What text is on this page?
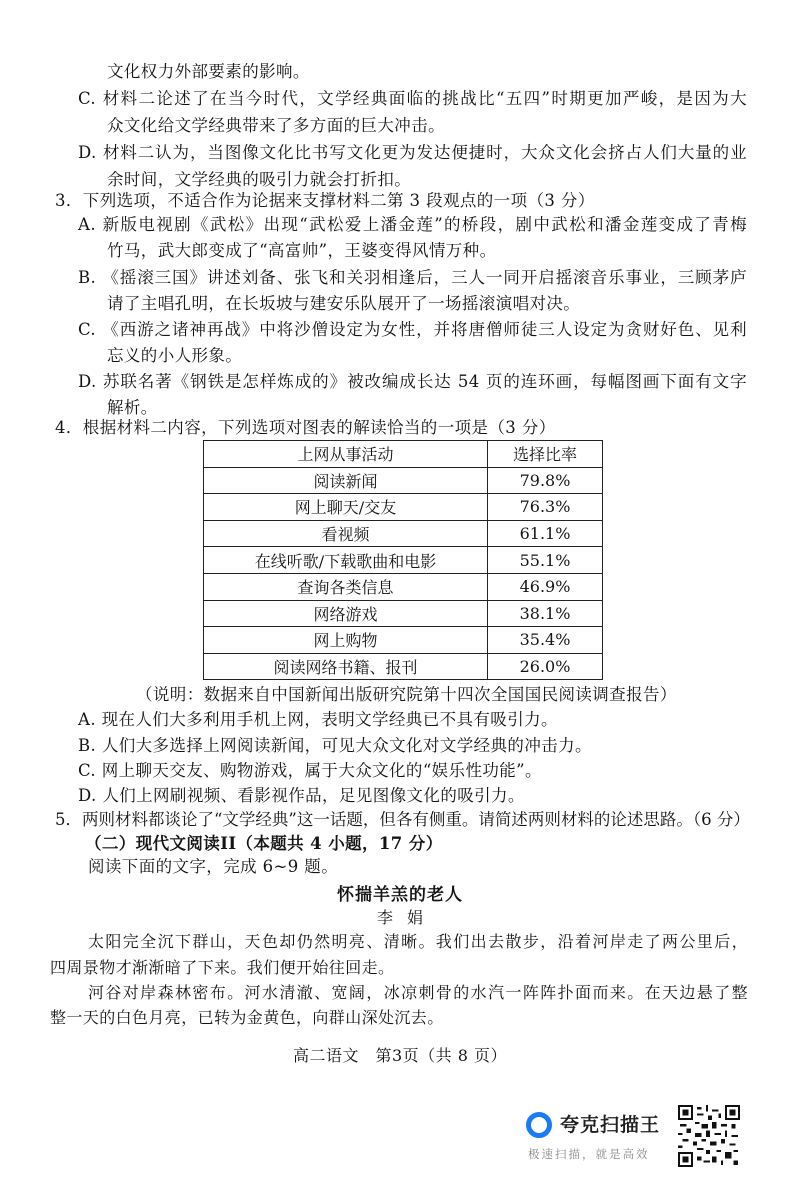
文化权力外部要素的影响。
C. 材料二论述了在当今时代，文学经典面临的挑战比“五四”时期更加严峻，是因为大
众文化给文学经典带来了多方面的巨大冲击。
D. 材料二认为，当图像文化比书写文化更为发达便捷时，大众文化会挤占人们大量的业
余时间，文学经典的吸引力就会打折扣。
3．下列选项，不适合作为论据来支撑材料二第 3 段观点的一项（3 分）
A. 新版电视剧《武松》出现“武松爱上潘金莲”的桥段，剧中武松和潘金莲变成了青梅
竹马，武大郎变成了“高富帅”，王婆变得风情万种。
B. 《摇滚三国》讲述刘备、张飞和关羽相逢后，三人一同开启摇滚音乐事业，三顾茅庐
请了主唱孔明，在长坂坡与建安乐队展开了一场摇滚演唱对决。
C. 《西游之诸神再战》中将沙僧设定为女性，并将唐僧师徒三人设定为贪财好色、见利
忘义的小人形象。
D. 苏联名著《钢铁是怎样炼成的》被改编成长达 54 页的连环画，每幅图画下面有文字
解析。
4．根据材料二内容，下列选项对图表的解读恰当的一项是（3 分）
上网从事活动	选择比率
阅读新闻	79.8%
网上聊天/交友	76.3%
看视频	61.1%
在线听歌/下载歌曲和电影	55.1%
查询各类信息	46.9%
网络游戏	38.1%
网上购物	35.4%
阅读网络书籍、报刊	26.0%
（说明：数据来自中国新闻出版研究院第十四次全国国民阅读调查报告）
A. 现在人们大多利用手机上网，表明文学经典已不具有吸引力。
B. 人们大多选择上网阅读新闻，可见大众文化对文学经典的冲击力。
C. 网上聊天交友、购物游戏，属于大众文化的“娱乐性功能”。
D. 人们上网刷视频、看影视作品，足见图像文化的吸引力。
5．两则材料都谈论了“文学经典”这一话题，但各有侧重。请简述两则材料的论述思路。（6 分）
（二）现代文阅读II（本题共 4 小题，17 分）
阅读下面的文字，完成 6~9 题。
怀揣羊羔的老人
李娟
太阳完全沉下群山，天色却仍然明亮、清晰。我们出去散步，沿着河岸走了两公里后，
四周景物才渐渐暗了下来。我们便开始往回走。
河谷对岸森林密布。河水清澈、宽阔，冰凉刺骨的水汽一阵阵扑面而来。在天边悬了整
整一天的白色月亮，已转为金黄色，向群山深处沉去。
高二语文　第3页（共 8 页）
夸克扫描王
极速扫描，就是高效
